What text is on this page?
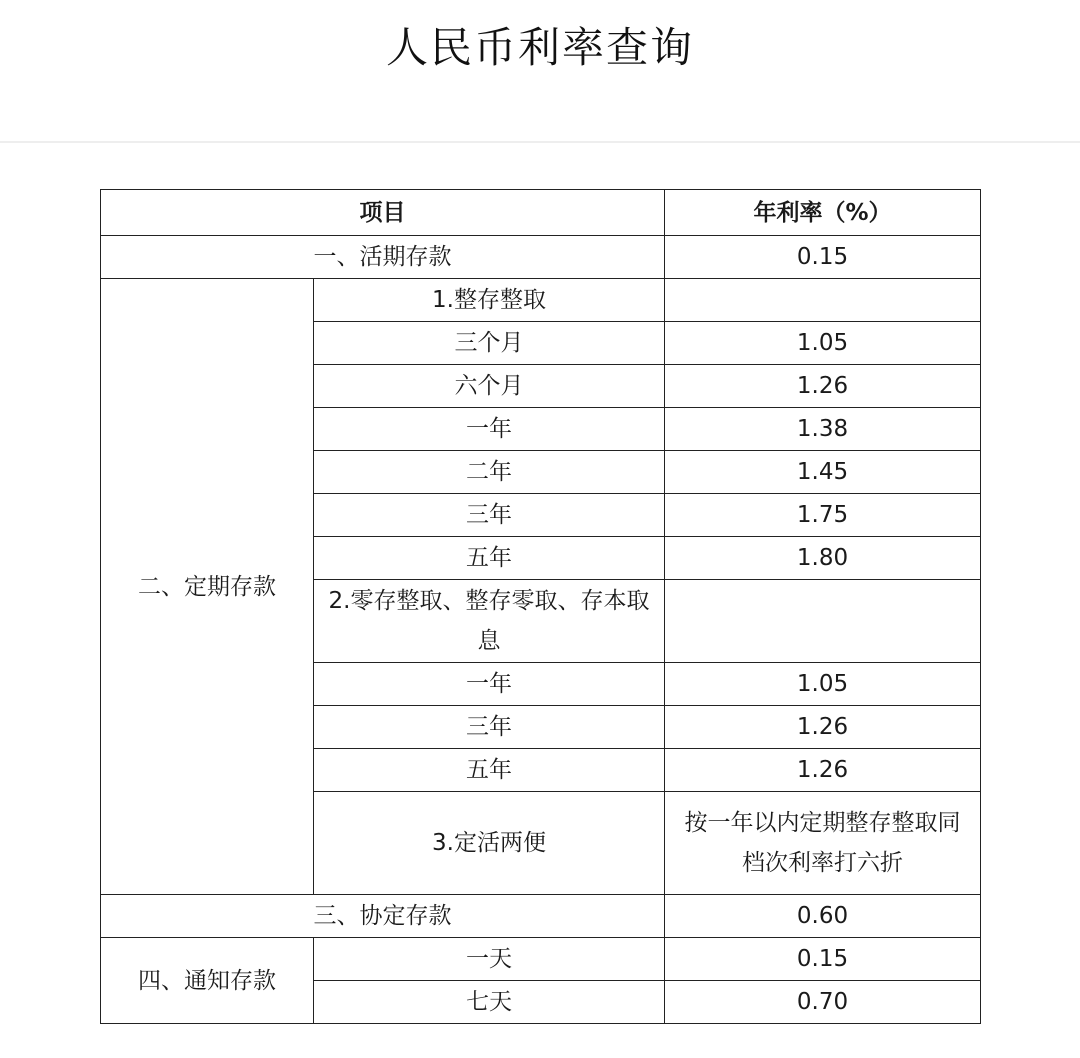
人民币利率查询
项目		年利率（%）
一、活期存款		0.15
二、定期存款	1.整存整取	
	三个月	1.05
	六个月	1.26
	一年	1.38
	二年	1.45
	三年	1.75
	五年	1.80
	2.零存整取、整存零取、存本取息	
	一年	1.05
	三年	1.26
	五年	1.26
	3.定活两便	按一年以内定期整存整取同档次利率打六折
三、协定存款		0.60
四、通知存款	一天	0.15
	七天	0.70
